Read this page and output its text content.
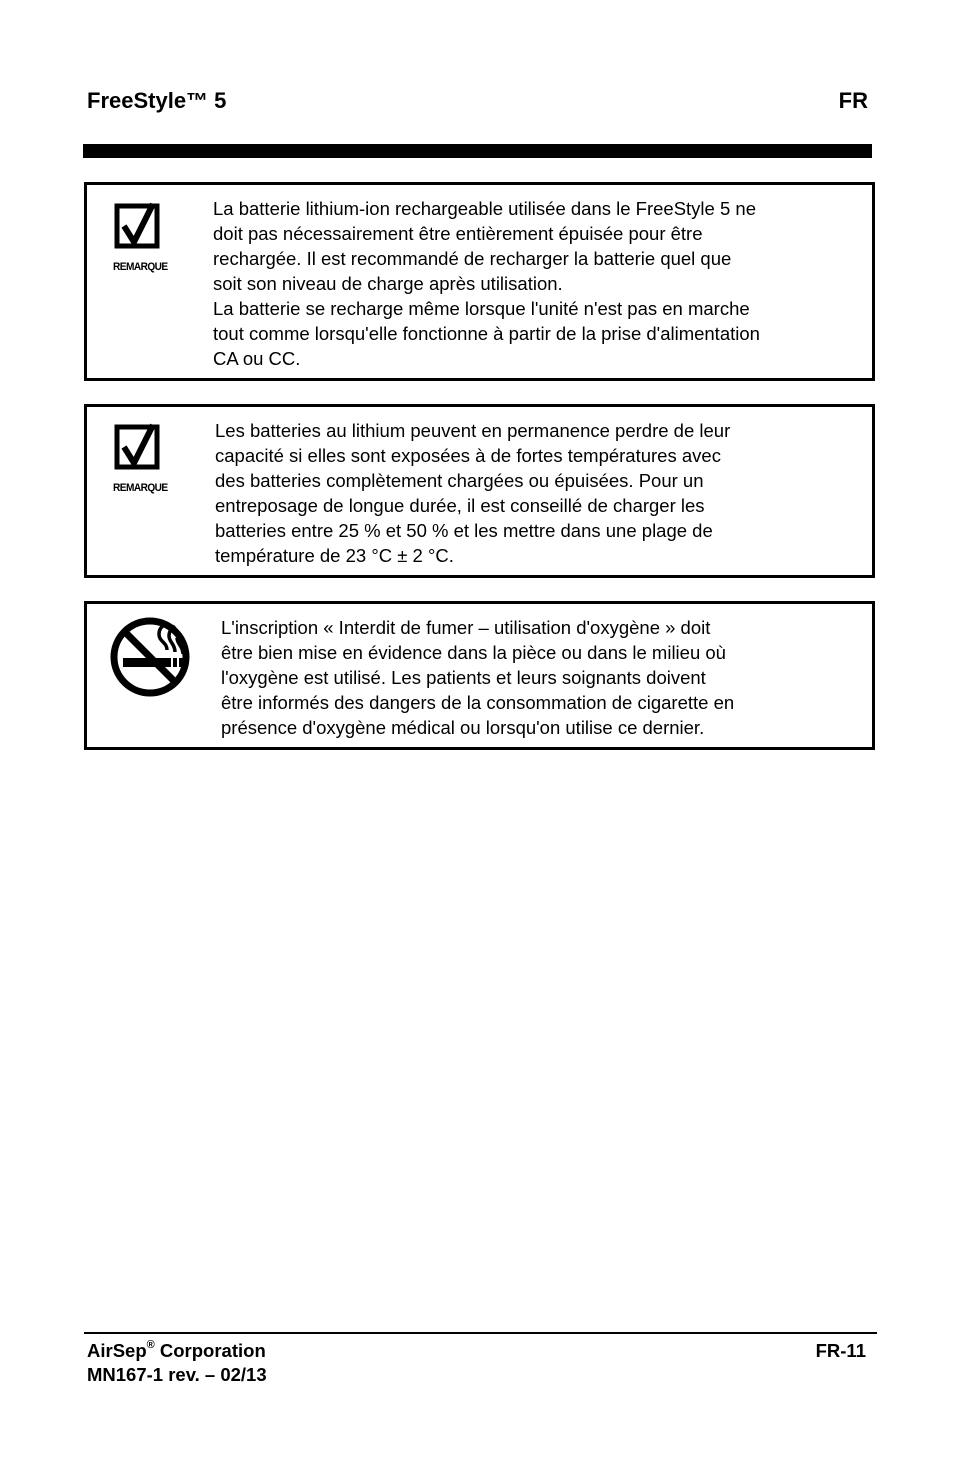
FreeStyle™ 5	FR
REMARQUE
La batterie lithium-ion rechargeable utilisée dans le FreeStyle 5 ne
doit pas nécessairement être entièrement épuisée pour être
rechargée. Il est recommandé de recharger la batterie quel que
soit son niveau de charge après utilisation.
La batterie se recharge même lorsque l'unité n'est pas en marche
tout comme lorsqu'elle fonctionne à partir de la prise d'alimentation
CA ou CC.
REMARQUE
Les batteries au lithium peuvent en permanence perdre de leur
capacité si elles sont exposées à de fortes températures avec
des batteries complètement chargées ou épuisées. Pour un
entreposage de longue durée, il est conseillé de charger les
batteries entre 25 % et 50 % et les mettre dans une plage de
température de 23 °C ± 2 °C.
L'inscription « Interdit de fumer – utilisation d'oxygène » doit
être bien mise en évidence dans la pièce ou dans le milieu où
l'oxygène est utilisé. Les patients et leurs soignants doivent
être informés des dangers de la consommation de cigarette en
présence d'oxygène médical ou lorsqu'on utilise ce dernier.
AirSep® Corporation
MN167-1 rev. – 02/13
FR-11
